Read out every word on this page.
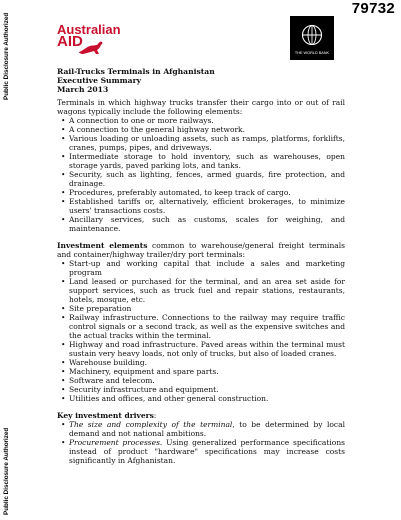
Public Disclosure Authorized
Public Disclosure Authorized
79732
Australian
AID
THE WORLD BANK
Rail-Trucks Terminals in Afghanistan
Executive Summary
March 2013

Terminals in which highway trucks transfer their cargo into or out of rail wagons typically include the following elements:

• A connection to one or more railways.
• A connection to the general highway network.
• Various loading or unloading assets, such as ramps, platforms, forklifts, cranes, pumps, pipes, and driveways.
• Intermediate storage to hold inventory, such as warehouses, open storage yards, paved parking lots, and tanks.
• Security, such as lighting, fences, armed guards, fire protection, and drainage.
• Procedures, preferably automated, to keep track of cargo.
• Established tariffs or, alternatively, efficient brokerages, to minimize users' transactions costs.
• Ancillary services, such as customs, scales for weighing, and maintenance.

Investment elements common to warehouse/general freight terminals and container/highway trailer/dry port terminals:

• Start-up and working capital that include a sales and marketing program
• Land leased or purchased for the terminal, and an area set aside for support services, such as truck fuel and repair stations, restaurants, hotels, mosque, etc.
• Site preparation
• Railway infrastructure. Connections to the railway may require traffic control signals or a second track, as well as the expensive switches and the actual tracks within the terminal.
• Highway and road infrastructure. Paved areas within the terminal must sustain very heavy loads, not only of trucks, but also of loaded cranes.
• Warehouse building.
• Machinery, equipment and spare parts.
• Software and telecom.
• Security infrastructure and equipment.
• Utilities and offices, and other general construction.

Key investment drivers:

• The size and complexity of the terminal, to be determined by local demand and not national ambitions.
• Procurement processes. Using generalized performance specifications instead of product "hardware" specifications may increase costs significantly in Afghanistan.
